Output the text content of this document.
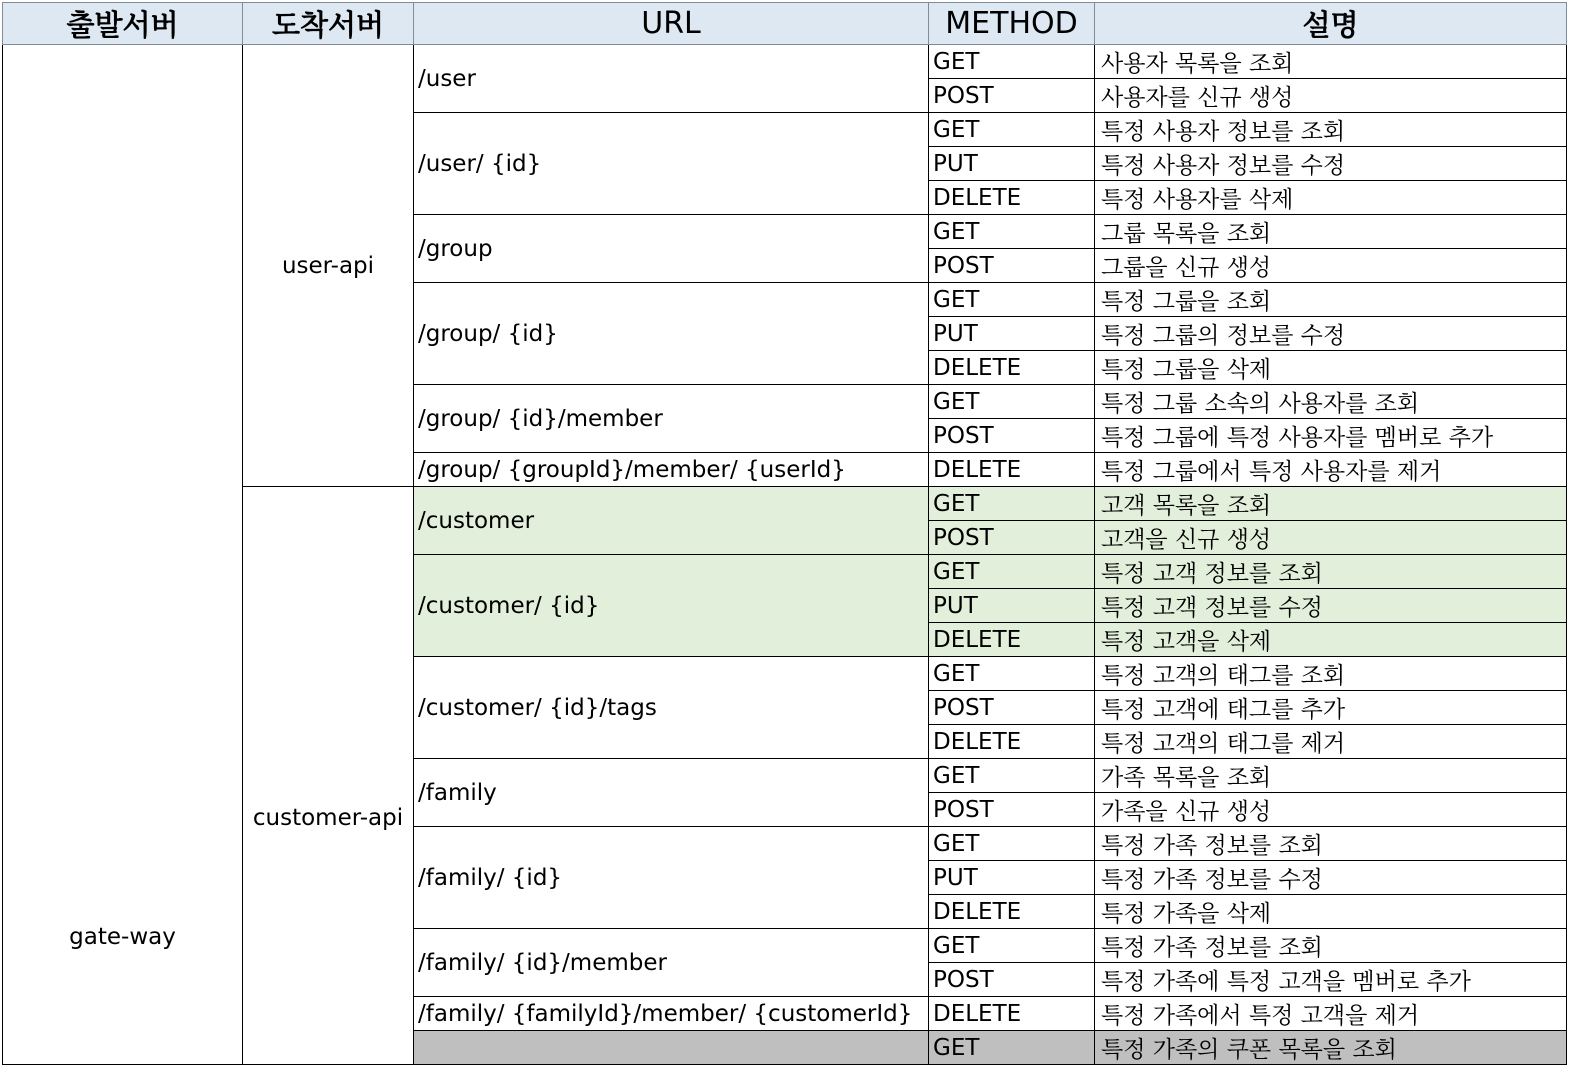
출발서버	도착서버	URL	METHOD	설명
gate-way	user-api	/user	GET	사용자 목록을 조회
			POST	사용자를 신규 생성
		/user/ {id}	GET	특정 사용자 정보를 조회
			PUT	특정 사용자 정보를 수정
			DELETE	특정 사용자를 삭제
		/group	GET	그룹 목록을 조회
			POST	그룹을 신규 생성
		/group/ {id}	GET	특정 그룹을 조회
			PUT	특정 그룹의 정보를 수정
			DELETE	특정 그룹을 삭제
		/group/ {id}/member	GET	특정 그룹 소속의 사용자를 조회
			POST	특정 그룹에 특정 사용자를 멤버로 추가
		/group/ {groupId}/member/ {userId}	DELETE	특정 그룹에서 특정 사용자를 제거
	customer-api	/customer	GET	고객 목록을 조회
			POST	고객을 신규 생성
		/customer/ {id}	GET	특정 고객 정보를 조회
			PUT	특정 고객 정보를 수정
			DELETE	특정 고객을 삭제
		/customer/ {id}/tags	GET	특정 고객의 태그를 조회
			POST	특정 고객에 태그를 추가
			DELETE	특정 고객의 태그를 제거
		/family	GET	가족 목록을 조회
			POST	가족을 신규 생성
		/family/ {id}	GET	특정 가족 정보를 조회
			PUT	특정 가족 정보를 수정
			DELETE	특정 가족을 삭제
		/family/ {id}/member	GET	특정 가족 정보를 조회
			POST	특정 가족에 특정 고객을 멤버로 추가
		/family/ {familyId}/member/ {customerId}	DELETE	특정 가족에서 특정 고객을 제거
			GET	특정 가족의 쿠폰 목록을 조회
